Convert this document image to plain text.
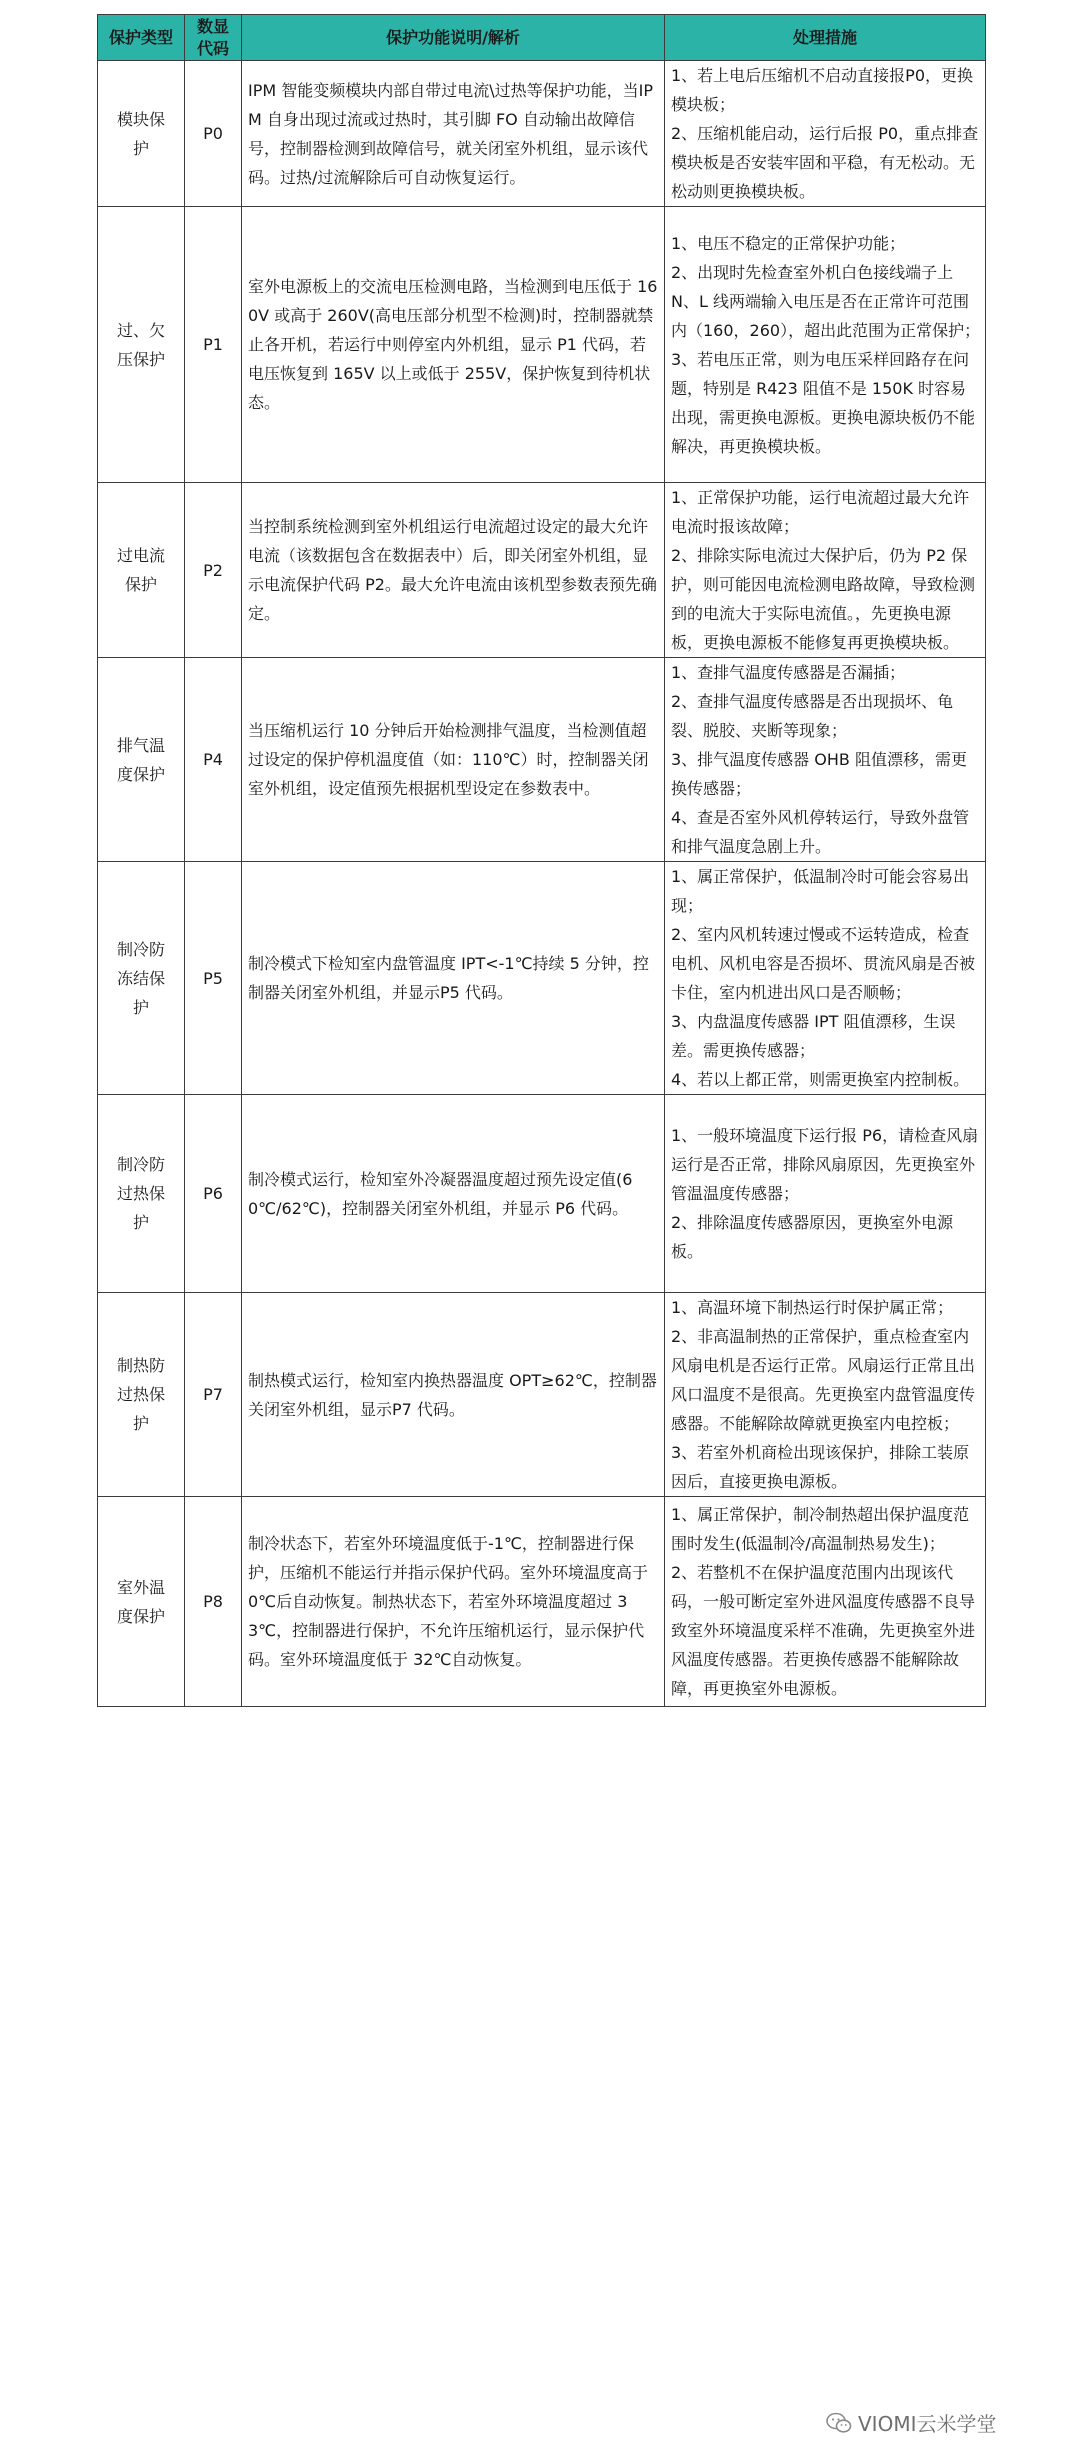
保护类型	数显代码	保护功能说明/解析	处理措施
模块保护	P0	IPM 智能变频模块内部自带过电流\过热等保护功能，当IPM 自身出现过流或过热时，其引脚 FO 自动输出故障信号，控制器检测到故障信号，就关闭室外机组，显示该代码。过热/过流解除后可自动恢复运行。	1、若上电后压缩机不启动直接报P0，更换模块板；
2、压缩机能启动，运行后报 P0，重点排查模块板是否安装牢固和平稳，有无松动。无松动则更换模块板。

过、欠压保护	P1	室外电源板上的交流电压检测电路，当检测到电压低于 160V 或高于 260V(高电压部分机型不检测)时，控制器就禁止各开机，若运行中则停室内外机组，显示 P1 代码，若电压恢复到 165V 以上或低于 255V，保护恢复到待机状态。	1、电压不稳定的正常保护功能；
2、出现时先检查室外机白色接线端子上 N、L 线两端输入电压是否在正常许可范围内（160，260），超出此范围为正常保护；
3、若电压正常，则为电压采样回路存在问题，特别是 R423 阻值不是 150K 时容易出现，需更换电源板。更换电源块板仍不能解决，再更换模块板。

过电流保护	P2	当控制系统检测到室外机组运行电流超过设定的最大允许电流（该数据包含在数据表中）后，即关闭室外机组，显示电流保护代码 P2。最大允许电流由该机型参数表预先确定。	1、正常保护功能，运行电流超过最大允许电流时报该故障；
2、排除实际电流过大保护后，仍为 P2 保护，则可能因电流检测电路故障，导致检测到的电流大于实际电流值。，先更换电源板，更换电源板不能修复再更换模块板。

排气温度保护	P4	当压缩机运行 10 分钟后开始检测排气温度，当检测值超过设定的保护停机温度值（如：110℃）时，控制器关闭室外机组，设定值预先根据机型设定在参数表中。	1、查排气温度传感器是否漏插；
2、查排气温度传感器是否出现损坏、龟裂、脱胶、夹断等现象；
3、排气温度传感器 OHB 阻值漂移，需更换传感器；
4、查是否室外风机停转运行，导致外盘管和排气温度急剧上升。

制冷防冻结保护	P5	制冷模式下检知室内盘管温度 IPT<-1℃持续 5 分钟，控制器关闭室外机组，并显示P5 代码。	1、属正常保护，低温制冷时可能会容易出现；
2、室内风机转速过慢或不运转造成，检查电机、风机电容是否损坏、贯流风扇是否被卡住，室内机进出风口是否顺畅；
3、内盘温度传感器 IPT 阻值漂移，生误差。需更换传感器；
4、若以上都正常，则需更换室内控制板。

制冷防过热保护	P6	制冷模式运行，检知室外冷凝器温度超过预先设定值(60℃/62℃)，控制器关闭室外机组，并显示 P6 代码。	1、一般环境温度下运行报 P6，请检查风扇运行是否正常，排除风扇原因，先更换室外管温温度传感器；
2、排除温度传感器原因，更换室外电源板。

制热防过热保护	P7	制热模式运行，检知室内换热器温度 OPT≥62℃，控制器关闭室外机组，显示P7 代码。	1、高温环境下制热运行时保护属正常；
2、非高温制热的正常保护，重点检查室内风扇电机是否运行正常。风扇运行正常且出风口温度不是很高。先更换室内盘管温度传感器。不能解除故障就更换室内电控板；
3、若室外机商检出现该保护，排除工装原因后，直接更换电源板。

室外温度保护	P8	制冷状态下，若室外环境温度低于-1℃，控制器进行保护，压缩机不能运行并指示保护代码。室外环境温度高于 0℃后自动恢复。制热状态下，若室外环境温度超过 33℃，控制器进行保护，不允许压缩机运行，显示保护代码。室外环境温度低于 32℃自动恢复。	1、属正常保护，制冷制热超出保护温度范围时发生(低温制冷/高温制热易发生)；
2、若整机不在保护温度范围内出现该代码，一般可断定室外进风温度传感器不良导致室外环境温度采样不准确，先更换室外进风温度传感器。若更换传感器不能解除故障，再更换室外电源板。
VIOMI云米学堂
